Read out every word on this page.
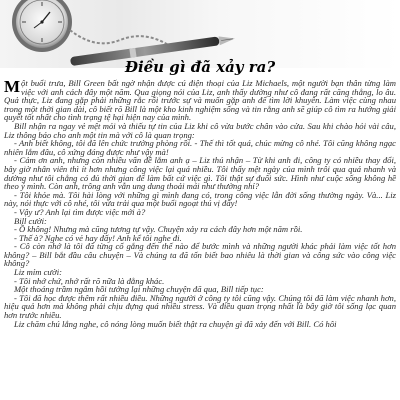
Điều gì đã xảy ra?

Một buổi trưa, Bill Green bất ngờ nhận được cú điện thoại của Liz Michaels, một người bạn thân từng làm việc với anh cách đây một năm. Qua giọng nói của Liz, anh thấy dường như cô đang rất căng thẳng, lo âu. Quả thực, Liz đang gặp phải những rắc rối trước sự và muốn gặp anh để tìm lời khuyên. Làm việc cùng nhau trong một thời gian dài, cô biết rõ Bill là một kho kinh nghiệm sống và tin rằng anh sẽ giúp cô tìm ra hướng giải quyết tốt nhất cho tình trạng tệ hại hiện nay của mình.

Bill nhận ra ngay vẻ mệt mỏi và thiếu tự tin của Liz khi cô vừa bước chân vào cửa. Sau khi chào hỏi vài câu, Liz thông báo cho anh một tin mà với cô là quan trọng:

- Anh biết không, tôi đã lên chức trưởng phòng rồi. - Thế thì tốt quá, chúc mừng cô nhé. Tôi cũng không ngạc nhiên lắm đâu, cô xứng đáng được như vậy mà!

- Cảm ơn anh, nhưng còn nhiều vấn đề lắm anh ạ – Liz thú nhận – Từ khi anh đi, công ty có nhiều thay đổi, bây giờ nhân viên thì ít hơn nhưng công việc lại quá nhiều. Tôi thấy mệt ngày của mình trôi qua quá nhanh và dường như tôi chẳng có đủ thời gian để làm bất cứ việc gì. Tôi thật sự đuối sức. Hình như cuộc sống không hề theo ý mình. Còn anh, trông anh vẫn ung dung thoải mái như thường nhỉ?

- Tôi khỏe mà. Tôi hài lòng với những gì mình đang có, trong công việc lẫn đời sống thường ngày. Và... Liz này, nói thực với cô nhé, tôi vừa trải qua một buổi ngoạt thú vị đấy!

- Vậy ư? Anh lại tìm được việc mới à?

Bill cười:

- Ồ không! Nhưng mà cũng tương tự vậy. Chuyện xảy ra cách đây hơn một năm rồi.

- Thế à? Nghe có vẻ hay đấy! Anh kể tôi nghe đi.

- Cô còn nhớ là tôi đã từng cố gắng đến thế nào để bước mình và những người khác phải làm việc tốt hơn không? – Bill bắt đầu câu chuyện – Và chúng ta đã tốn biết bao nhiêu là thời gian và công sức vào công việc không?

Liz mỉm cười:

- Tôi nhớ chứ, nhớ rất rõ nữa là đằng khác.

Một thoáng trầm ngâm hồi tưởng lại những chuyện đã qua, Bill tiếp tục:

- Tôi đã học được thêm rất nhiều điều. Những người ở công ty tôi cũng vậy. Chúng tôi đã làm việc nhanh hơn, hiệu quả hơn mà không phải chịu đựng quá nhiều stress. Và điều quan trọng nhất là bây giờ tôi sống lạc quan hơn trước nhiều.

Liz chăm chú lắng nghe, cô nóng lòng muốn biết thật ra chuyện gì đã xảy đến với Bill. Có hôi
